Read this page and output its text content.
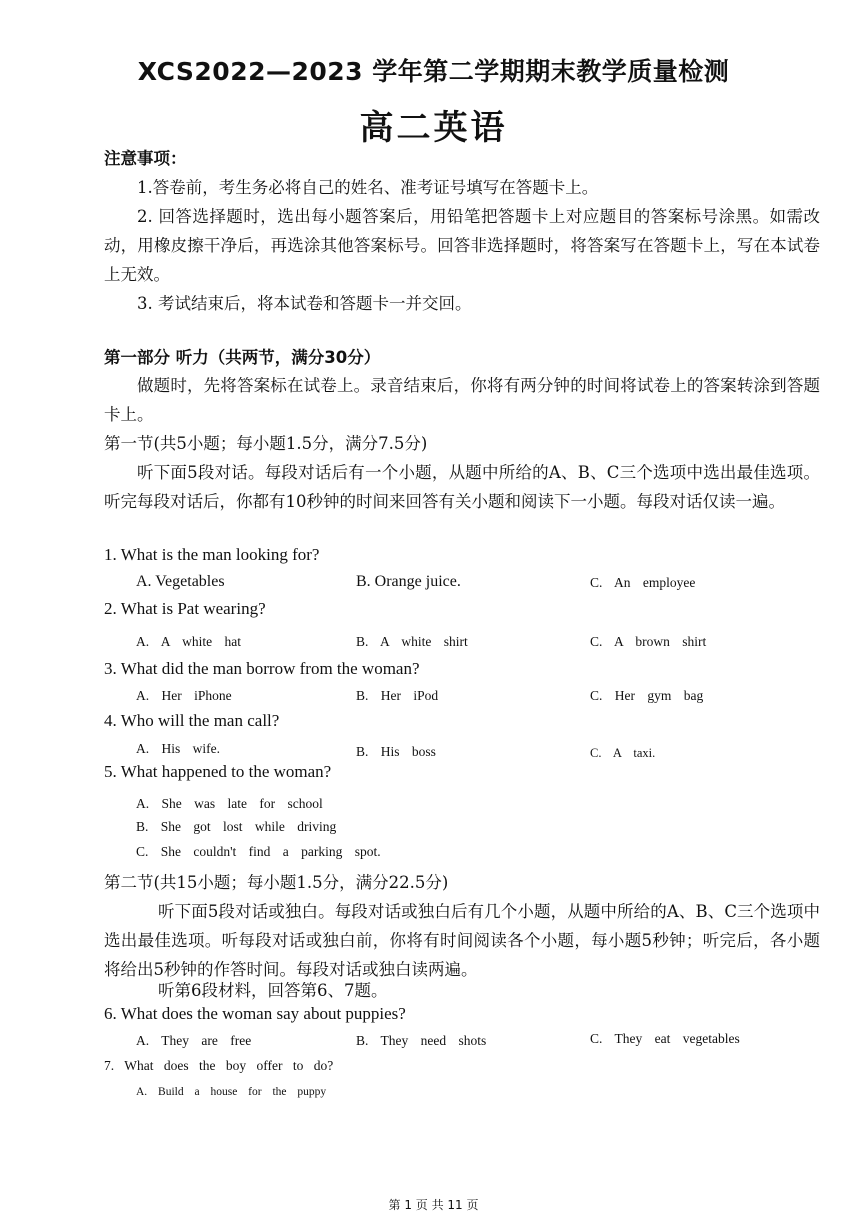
XCS2022—2023 学年第二学期期末教学质量检测
高二英语
注意事项：
1.答卷前，考生务必将自己的姓名、准考证号填写在答题卡上。
2. 回答选择题时，选出每小题答案后，用铅笔把答题卡上对应题目的答案标号涂黑。如需改动，用橡皮擦干净后，再选涂其他答案标号。回答非选择题时，将答案写在答题卡上，写在本试卷上无效。
3. 考试结束后，将本试卷和答题卡一并交回。
第一部分 听力（共两节，满分30分）
做题时，先将答案标在试卷上。录音结束后，你将有两分钟的时间将试卷上的答案转涂到答题卡上。
第一节(共5小题；每小题1.5分，满分7.5分)
听下面5段对话。每段对话后有一个小题，从题中所给的A、B、C三个选项中选出最佳选项。听完每段对话后，你都有10秒钟的时间来回答有关小题和阅读下一小题。每段对话仅读一遍。
1. What is the man looking for?
A. Vegetables	B. Orange juice.	C. An employee
2. What is Pat wearing?
A. A white hat	B. A white shirt	C. A brown shirt
3. What did the man borrow from the woman?
A. Her iPhone	B. Her iPod	C. Her gym bag
4. Who will the man call?
A. His wife.	B. His boss	C. A taxi.
5. What happened to the woman?
A. She was late for school
B. She got lost while driving
C. She couldn't find a parking spot.
第二节(共15小题；每小题1.5分，满分22.5分)
听下面5段对话或独白。每段对话或独白后有几个小题，从题中所给的A、B、C三个选项中选出最佳选项。听每段对话或独白前，你将有时间阅读各个小题，每小题5秒钟；听完后，各小题将给出5秒钟的作答时间。每段对话或独白读两遍。
听第6段材料，回答第6、7题。
6. What does the woman say about puppies?
A. They are free	B. They need shots	C. They eat vegetables
7. What does the boy offer to do?
A. Build a house for the puppy
第 1 页 共 11 页
